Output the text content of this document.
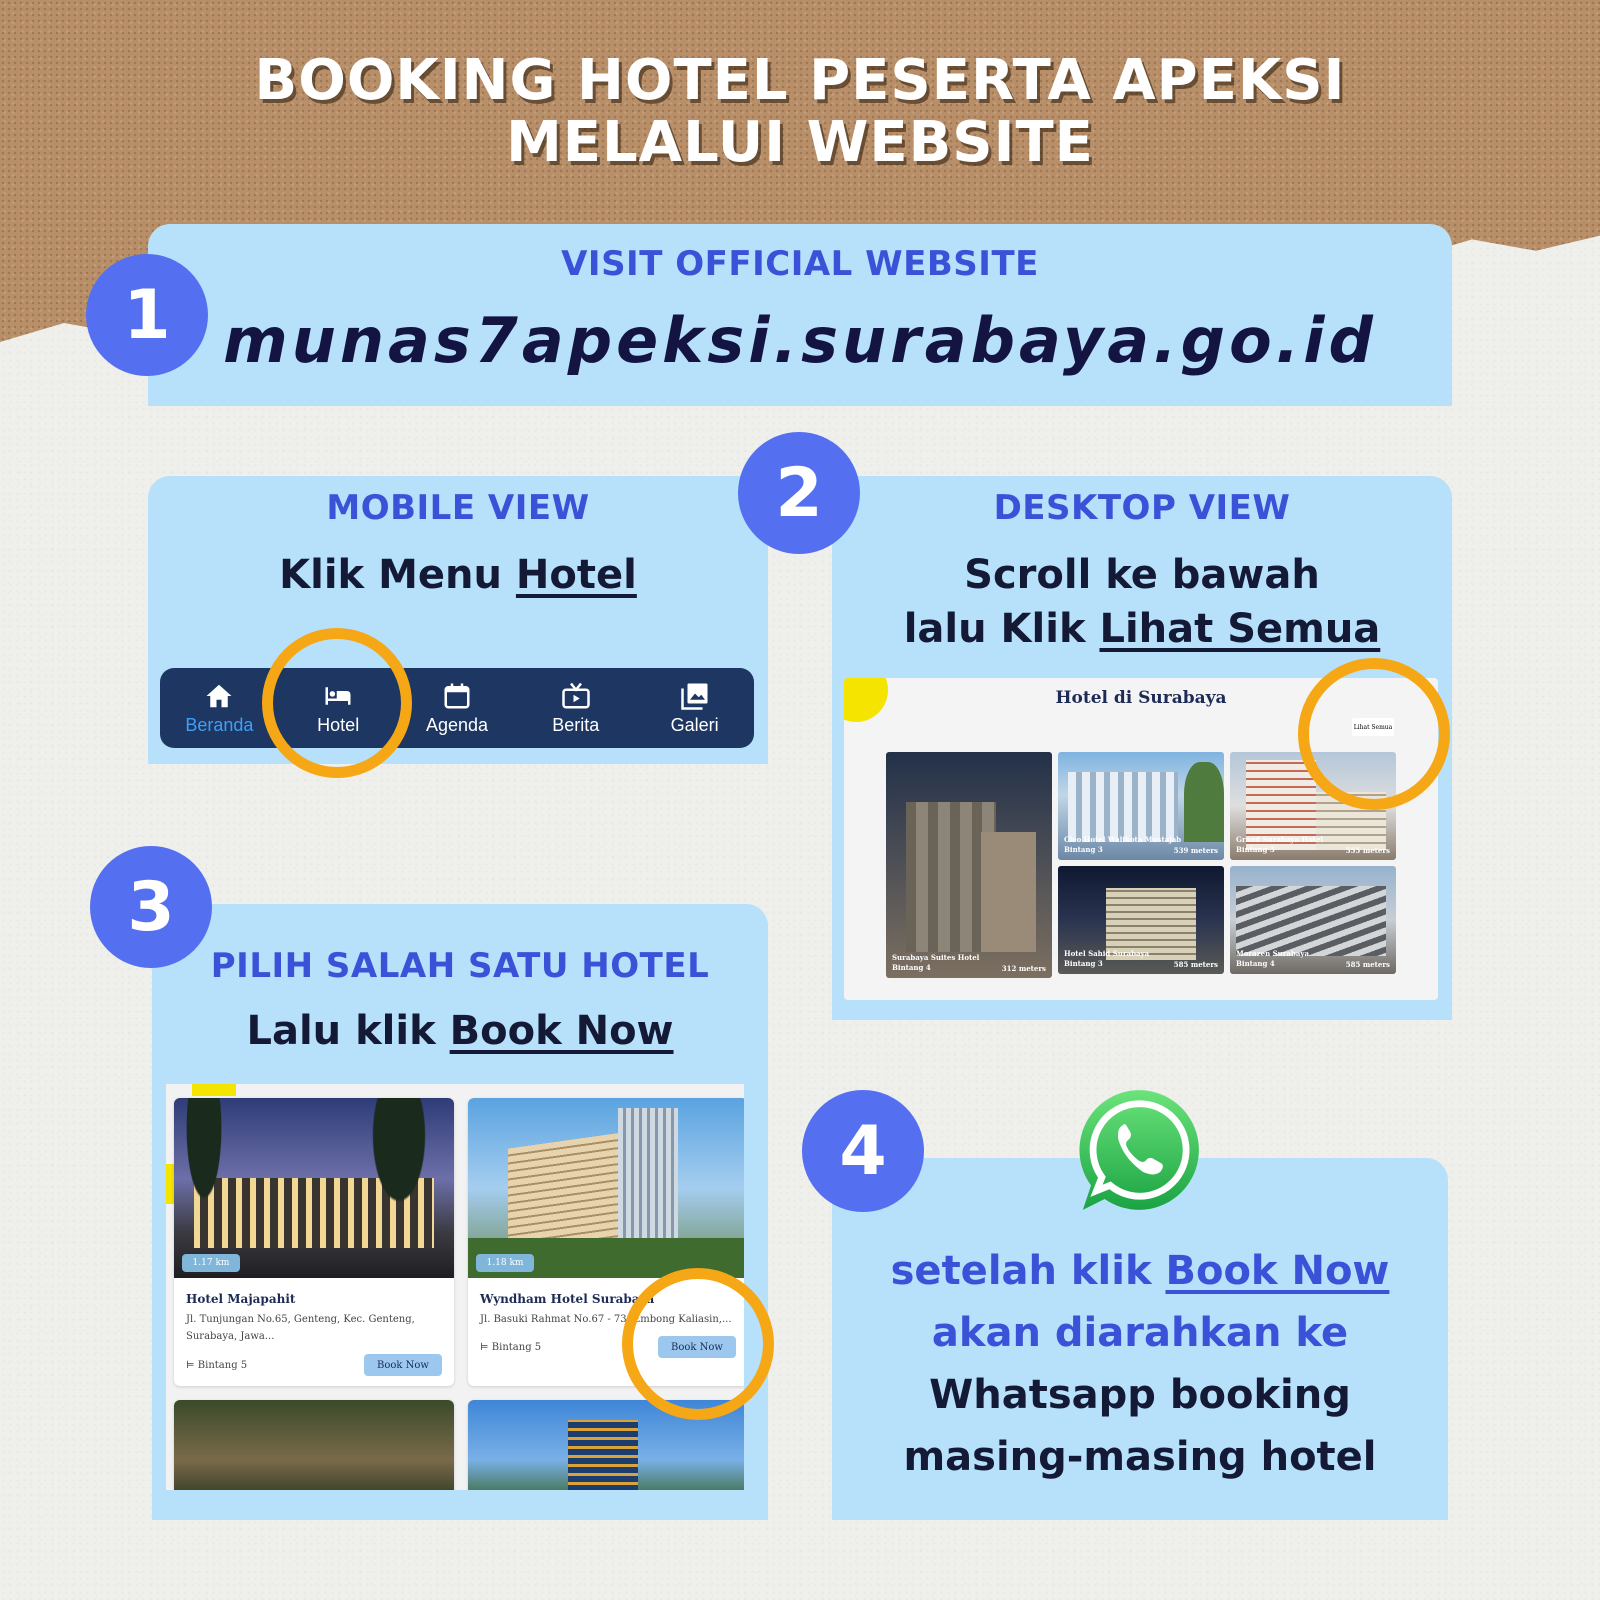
BOOKING HOTEL PESERTA APEKSI
MELALUI WEBSITE
VISIT OFFICIAL WEBSITE
munas7apeksi.surabaya.go.id
1
MOBILE VIEW
Klik Menu Hotel
Beranda	Hotel	Agenda	Berita	Galeri
DESKTOP VIEW
Scroll ke bawah
lalu Klik Lihat Semua
Hotel di Surabaya
Lihat Semua
Surabaya Suites Hotel
Bintang 4	312 meters
Cleo Hotel Walikota Mustajab
Bintang 3	539 meters
Grand Surabaya Hotel
Bintang 3	555 meters
Hotel Sahid Surabaya
Bintang 3	585 meters
Morazen Surabaya
Bintang 4	585 meters
2
PILIH SALAH SATU HOTEL
Lalu klik Book Now
1.17 km
Hotel Majapahit
Jl. Tunjungan No.65, Genteng, Kec. Genteng, Surabaya, Jawa...
⊨ Bintang 5	Book Now
1.18 km
Wyndham Hotel Surabaya
Jl. Basuki Rahmat No.67 - 73, Embong Kaliasin,...
⊨ Bintang 5	Book Now
3
setelah klik Book Now
akan diarahkan ke
Whatsapp booking
masing-masing hotel
4
